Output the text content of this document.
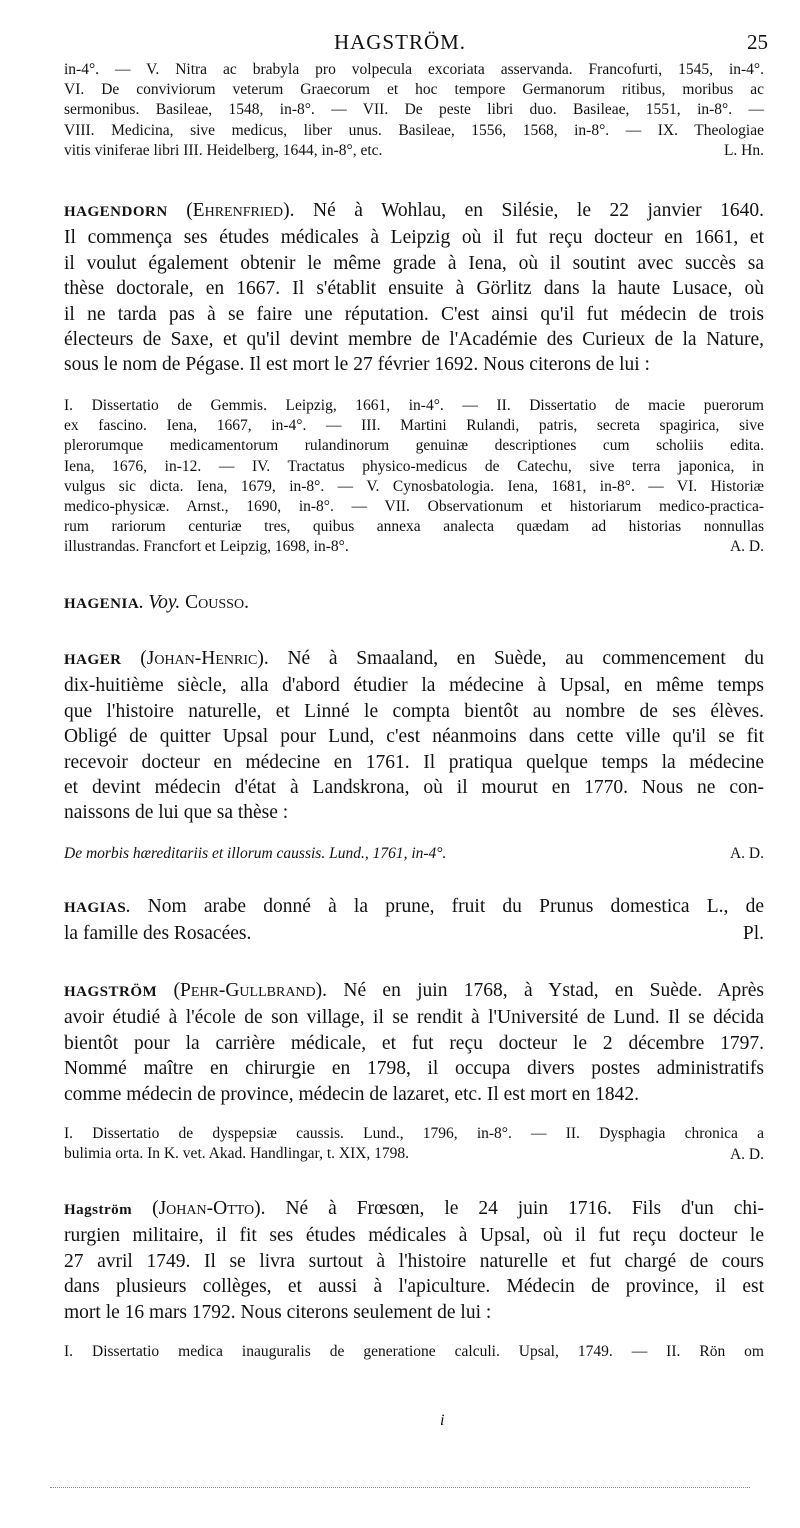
HAGSTRÖM.	25
in-4°. — V. Nitra ac brabyla pro volpecula excoriata asservanda. Francofurti, 1545, in-4°.
VI. De conviviorum veterum Graecorum et hoc tempore Germanorum ritibus, moribus ac
sermonibus. Basileae, 1548, in-8°. — VII. De peste libri duo. Basileae, 1551, in-8°. —
VIII. Medicina, sive medicus, liber unus. Basileae, 1556, 1568, in-8°. — IX. Theologiae
vitis viniferae libri III. Heidelberg, 1644, in-8°, etc.	L. Hn.
HAGENDORN (Ehrenfried). Né à Wohlau, en Silésie, le 22 janvier 1640.
Il commença ses études médicales à Leipzig où il fut reçu docteur en 1661, et
il voulut également obtenir le même grade à Iena, où il soutint avec succès sa
thèse doctorale, en 1667. Il s'établit ensuite à Görlitz dans la haute Lusace, où
il ne tarda pas à se faire une réputation. C'est ainsi qu'il fut médecin de trois
électeurs de Saxe, et qu'il devint membre de l'Académie des Curieux de la Nature,
sous le nom de Pégase. Il est mort le 27 février 1692. Nous citerons de lui :
I. Dissertatio de Gemmis. Leipzig, 1661, in-4°. — II. Dissertatio de macie puerorum
ex fascino. Iena, 1667, in-4°. — III. Martini Rulandi, patris, secreta spagirica, sive
plerorumque medicamentorum rulandinorum genuinæ descriptiones cum scholiis edita.
Iena, 1676, in-12. — IV. Tractatus physico-medicus de Catechu, sive terra japonica, in
vulgus sic dicta. Iena, 1679, in-8°. — V. Cynosbatologia. Iena, 1681, in-8°. — VI. Historiæ
medico-physicæ. Arnst., 1690, in-8°. — VII. Observationum et historiarum medico-practica-
rum rariorum centuriæ tres, quibus annexa analecta quædam ad historias nonnullas
illustrandas. Francfort et Leipzig, 1698, in-8°.	A. D.
HAGENIA. Voy. Cousso.
HAGER (Johan-Henric). Né à Smaaland, en Suède, au commencement du
dix-huitième siècle, alla d'abord étudier la médecine à Upsal, en même temps
que l'histoire naturelle, et Linné le compta bientôt au nombre de ses élèves.
Obligé de quitter Upsal pour Lund, c'est néanmoins dans cette ville qu'il se fit
recevoir docteur en médecine en 1761. Il pratiqua quelque temps la médecine
et devint médecin d'état à Landskrona, où il mourut en 1770. Nous ne con-
naissons de lui que sa thèse :
De morbis hæreditariis et illorum caussis. Lund., 1761, in-4°.	A. D.
HAGIAS. Nom arabe donné à la prune, fruit du Prunus domestica L., de
la famille des Rosacées.	Pl.
HAGSTRÖM (Pehr-Gullbrand). Né en juin 1768, à Ystad, en Suède. Après
avoir étudié à l'école de son village, il se rendit à l'Université de Lund. Il se décida
bientôt pour la carrière médicale, et fut reçu docteur le 2 décembre 1797.
Nommé maître en chirurgie en 1798, il occupa divers postes administratifs
comme médecin de province, médecin de lazaret, etc. Il est mort en 1842.
I. Dissertatio de dyspepsiæ caussis. Lund., 1796, in-8°. — II. Dysphagia chronica a
bulimia orta. In K. vet. Akad. Handlingar, t. XIX, 1798.	A. D.
Hagström (Johan-Otto). Né à Frœsœn, le 24 juin 1716. Fils d'un chi-
rurgien militaire, il fit ses études médicales à Upsal, où il fut reçu docteur le
27 avril 1749. Il se livra surtout à l'histoire naturelle et fut chargé de cours
dans plusieurs collèges, et aussi à l'apiculture. Médecin de province, il est
mort le 16 mars 1792. Nous citerons seulement de lui :
I. Dissertatio medica inauguralis de generatione calculi. Upsal, 1749. — II. Rön om
i
